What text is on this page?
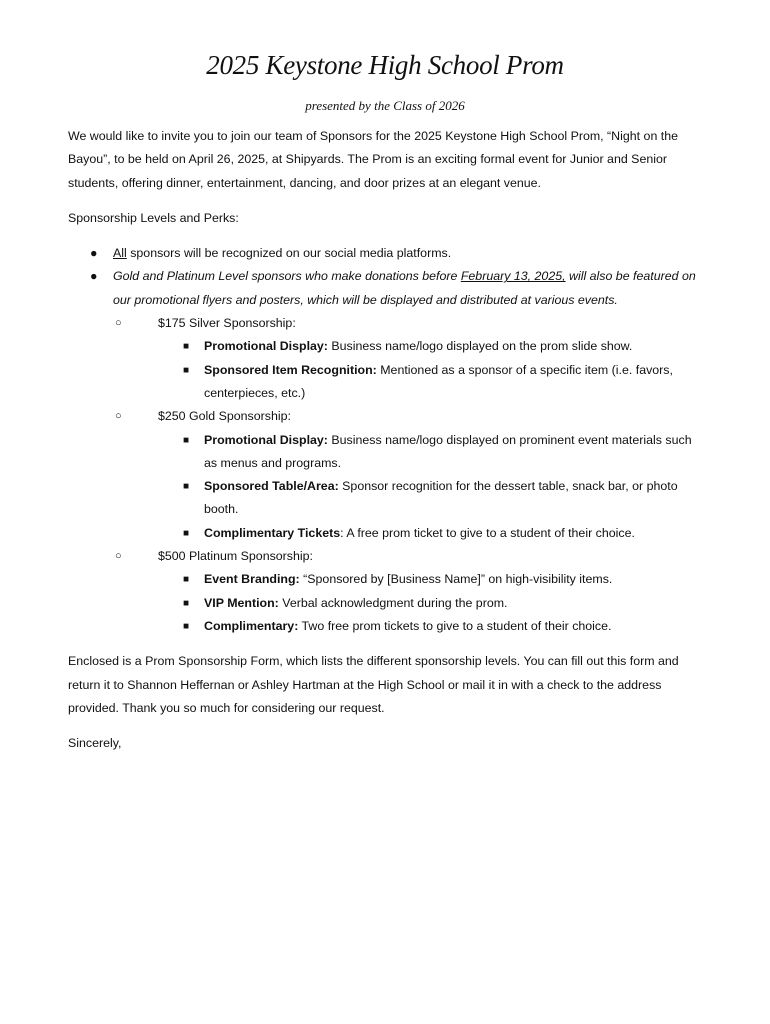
2025 Keystone High School Prom
presented by the Class of 2026

We would like to invite you to join our team of Sponsors for the 2025 Keystone High School Prom, “Night on the Bayou”, to be held on April 26, 2025, at Shipyards. The Prom is an exciting formal event for Junior and Senior students, offering dinner, entertainment, dancing, and door prizes at an elegant venue.

Sponsorship Levels and Perks:

● All sponsors will be recognized on our social media platforms.
● Gold and Platinum Level sponsors who make donations before February 13, 2025, will also be featured on our promotional flyers and posters, which will be displayed and distributed at various events.
○	$175 Silver Sponsorship:
■ Promotional Display: Business name/logo displayed on the prom slide show.
■ Sponsored Item Recognition: Mentioned as a sponsor of a specific item (i.e. favors, centerpieces, etc.)
○	$250 Gold Sponsorship:
■ Promotional Display: Business name/logo displayed on prominent event materials such as menus and programs.
■ Sponsored Table/Area: Sponsor recognition for the dessert table, snack bar, or photo booth.
■ Complimentary Tickets: A free prom ticket to give to a student of their choice.
○	$500 Platinum Sponsorship:
■ Event Branding: “Sponsored by [Business Name]” on high-visibility items.
■ VIP Mention: Verbal acknowledgment during the prom.
■ Complimentary: Two free prom tickets to give to a student of their choice.

Enclosed is a Prom Sponsorship Form, which lists the different sponsorship levels. You can fill out this form and return it to Shannon Heffernan or Ashley Hartman at the High School or mail it in with a check to the address provided. Thank you so much for considering our request.

Sincerely,
